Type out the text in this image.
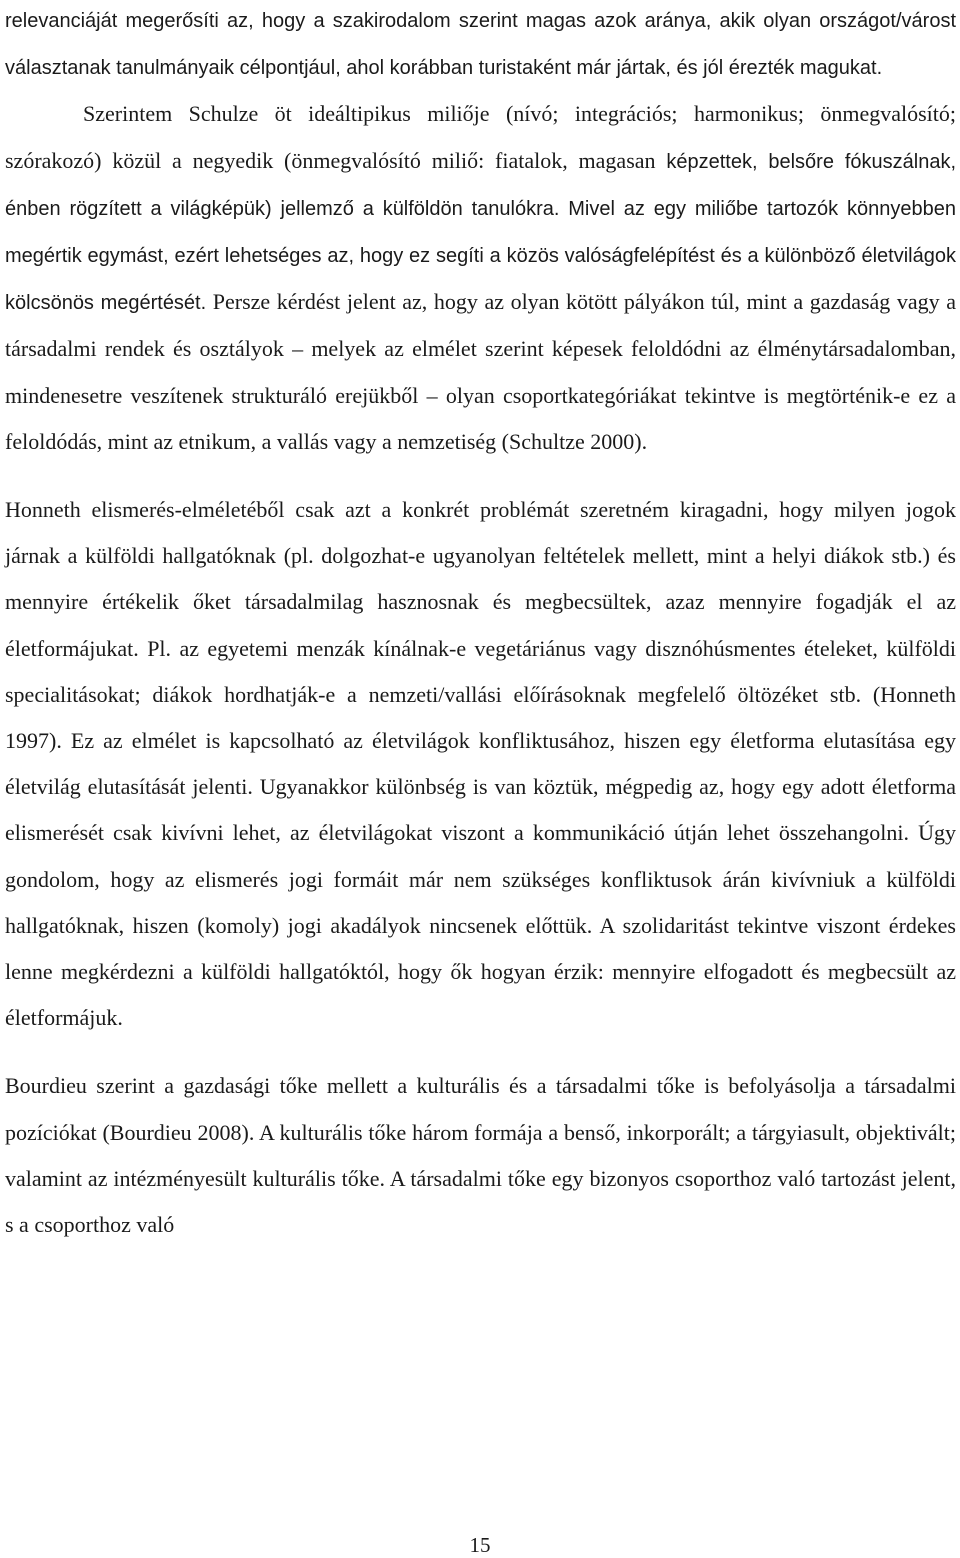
relevanciáját megerősíti az, hogy a szakirodalom szerint magas azok aránya, akik olyan országot/várost választanak tanulmányaik célpontjául, ahol korábban turistaként már jártak, és jól érezték magukat.

Szerintem Schulze öt ideáltipikus miliője (nívó; integrációs; harmonikus; önmegvalósító; szórakozó) közül a negyedik (önmegvalósító miliő: fiatalok, magasan képzettek, belsőre fókuszálnak, énben rögzített a világképük) jellemző a külföldön tanulókra. Mivel az egy miliőbe tartozók könnyebben megértik egymást, ezért lehetséges az, hogy ez segíti a közös valóságfelépítést és a különböző életvilágok kölcsönös megértését. Persze kérdést jelent az, hogy az olyan kötött pályákon túl, mint a gazdaság vagy a társadalmi rendek és osztályok – melyek az elmélet szerint képesek feloldódni az élménytársadalomban, mindenesetre veszítenek strukturáló erejükből – olyan csoportkategóriákat tekintve is megtörténik-e ez a feloldódás, mint az etnikum, a vallás vagy a nemzetiség (Schultze 2000).

Honneth elismerés-elméletéből csak azt a konkrét problémát szeretném kiragadni, hogy milyen jogok járnak a külföldi hallgatóknak (pl. dolgozhat-e ugyanolyan feltételek mellett, mint a helyi diákok stb.) és mennyire értékelik őket társadalmilag hasznosnak és megbecsültek, azaz mennyire fogadják el az életformájukat. Pl. az egyetemi menzák kínálnak-e vegetáriánus vagy disznóhúsmentes ételeket, külföldi specialitásokat; diákok hordhatják-e a nemzeti/vallási előírásoknak megfelelő öltözéket stb. (Honneth 1997). Ez az elmélet is kapcsolható az életvilágok konfliktusához, hiszen egy életforma elutasítása egy életvilág elutasítását jelenti. Ugyanakkor különbség is van köztük, mégpedig az, hogy egy adott életforma elismerését csak kivívni lehet, az életvilágokat viszont a kommunikáció útján lehet összehangolni. Úgy gondolom, hogy az elismerés jogi formáit már nem szükséges konfliktusok árán kivívniuk a külföldi hallgatóknak, hiszen (komoly) jogi akadályok nincsenek előttük. A szolidaritást tekintve viszont érdekes lenne megkérdezni a külföldi hallgatóktól, hogy ők hogyan érzik: mennyire elfogadott és megbecsült az életformájuk.

Bourdieu szerint a gazdasági tőke mellett a kulturális és a társadalmi tőke is befolyásolja a társadalmi pozíciókat (Bourdieu 2008). A kulturális tőke három formája a benső, inkorporált; a tárgyiasult, objektivált; valamint az intézményesült kulturális tőke. A társadalmi tőke egy bizonyos csoporthoz való tartozást jelent, s a csoporthoz való

15
